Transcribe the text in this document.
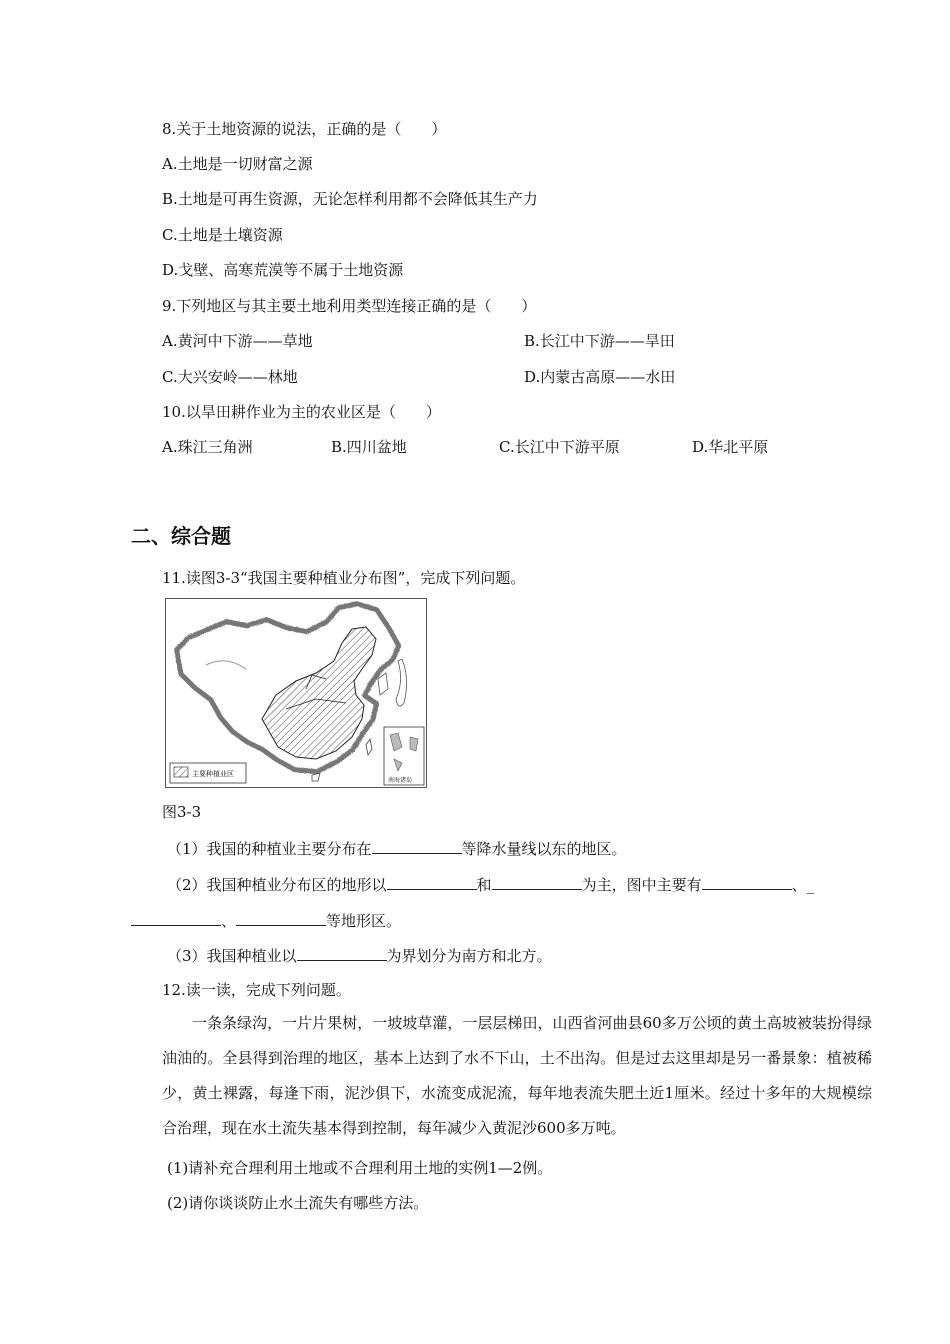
8.关于土地资源的说法，正确的是（　　）
A.土地是一切财富之源
B.土地是可再生资源，无论怎样利用都不会降低其生产力
C.土地是土壤资源
D.戈壁、高寒荒漠等不属于土地资源
9.下列地区与其主要土地利用类型连接正确的是（　　）
A.黄河中下游——草地	B.长江中下游——旱田
C.大兴安岭——林地	D.内蒙古高原——水田
10.以旱田耕作业为主的农业区是（　　）
A.珠江三角洲	B.四川盆地	C.长江中下游平原	D.华北平原
二、综合题
11.读图3-3“我国主要种植业分布图”，完成下列问题。
主要种植业区
南海诸岛
图3-3
（1）我国的种植业主要分布在	等降水量线以东的地区。
（2）我国种植业分布区的地形以	和	为主，图中主要有	、_
、	等地形区。
（3）我国种植业以	为界划分为南方和北方。
12.读一读，完成下列问题。
一条条绿沟，一片片果树，一坡坡草灌，一层层梯田，山西省河曲县60多万公顷的黄土高坡被装扮得绿油油的。全县得到治理的地区，基本上达到了水不下山，土不出沟。但是过去这里却是另一番景象：植被稀少，黄土裸露，每逢下雨，泥沙俱下，水流变成泥流，每年地表流失肥土近1厘米。经过十多年的大规模综合治理，现在水土流失基本得到控制，每年减少入黄泥沙600多万吨。
(1)请补充合理利用土地或不合理利用土地的实例1—2例。
(2)请你谈谈防止水土流失有哪些方法。
